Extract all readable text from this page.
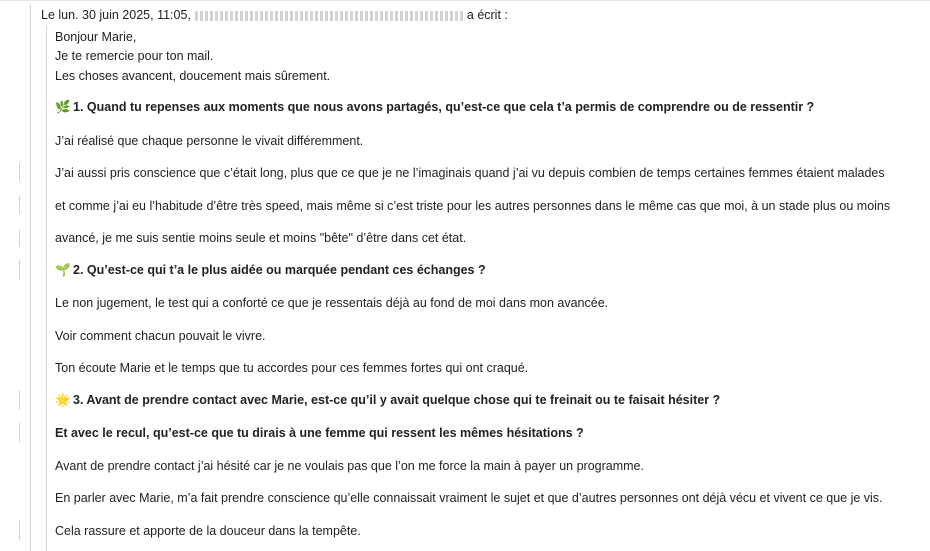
Le lun. 30 juin 2025, 11:05,	a écrit :
Bonjour Marie,
Je te remercie pour ton mail.
Les choses avancent, doucement mais sûrement.
🌿 1. Quand tu repenses aux moments que nous avons partagés, qu’est-ce que cela t’a permis de comprendre ou de ressentir ?
J’ai réalisé que chaque personne le vivait différemment.
J’ai aussi pris conscience que c’était long, plus que ce que je ne l’imaginais quand j’ai vu depuis combien de temps certaines femmes étaient malades
et comme j’ai eu l’habitude d’être très speed, mais même si c’est triste pour les autres personnes dans le même cas que moi, à un stade plus ou moins
avancé, je me suis sentie moins seule et moins "bête" d’être dans cet état.
🌱 2. Qu’est-ce qui t’a le plus aidée ou marquée pendant ces échanges ?
Le non jugement, le test qui a conforté ce que je ressentais déjà au fond de moi dans mon avancée.
Voir comment chacun pouvait le vivre.
Ton écoute Marie et le temps que tu accordes pour ces femmes fortes qui ont craqué.
🌟 3. Avant de prendre contact avec Marie, est-ce qu’il y avait quelque chose qui te freinait ou te faisait hésiter ?
Et avec le recul, qu’est-ce que tu dirais à une femme qui ressent les mêmes hésitations ?
Avant de prendre contact j’ai hésité car je ne voulais pas que l’on me force la main à payer un programme.
En parler avec Marie, m’a fait prendre conscience qu’elle connaissait vraiment le sujet et que d’autres personnes ont déjà vécu et vivent ce que je vis.
Cela rassure et apporte de la douceur dans la tempête.
